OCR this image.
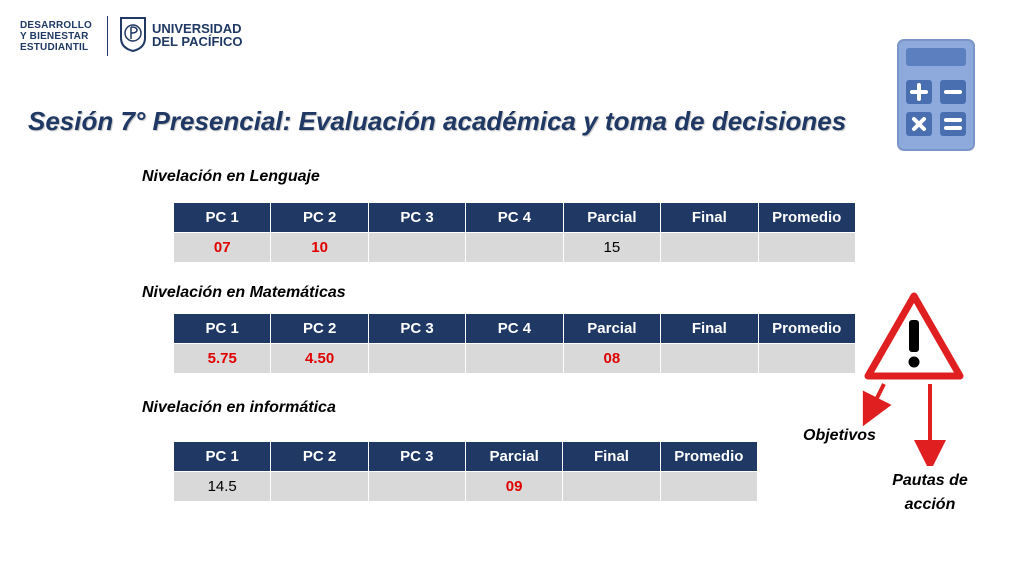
DESARROLLO
Y BIENESTAR
ESTUDIANTIL
UNIVERSIDAD
DEL PACÍFICO
Sesión 7° Presencial: Evaluación académica y toma de decisiones
Nivelación en Lenguaje
PC 1	PC 2	PC 3	PC 4	Parcial	Final	Promedio
07	10			15		
Nivelación en Matemáticas
PC 1	PC 2	PC 3	PC 4	Parcial	Final	Promedio
5.75	4.50			08		
Nivelación en informática
PC 1	PC 2	PC 3	Parcial	Final	Promedio
14.5			09		
Objetivos
Pautas de acción
